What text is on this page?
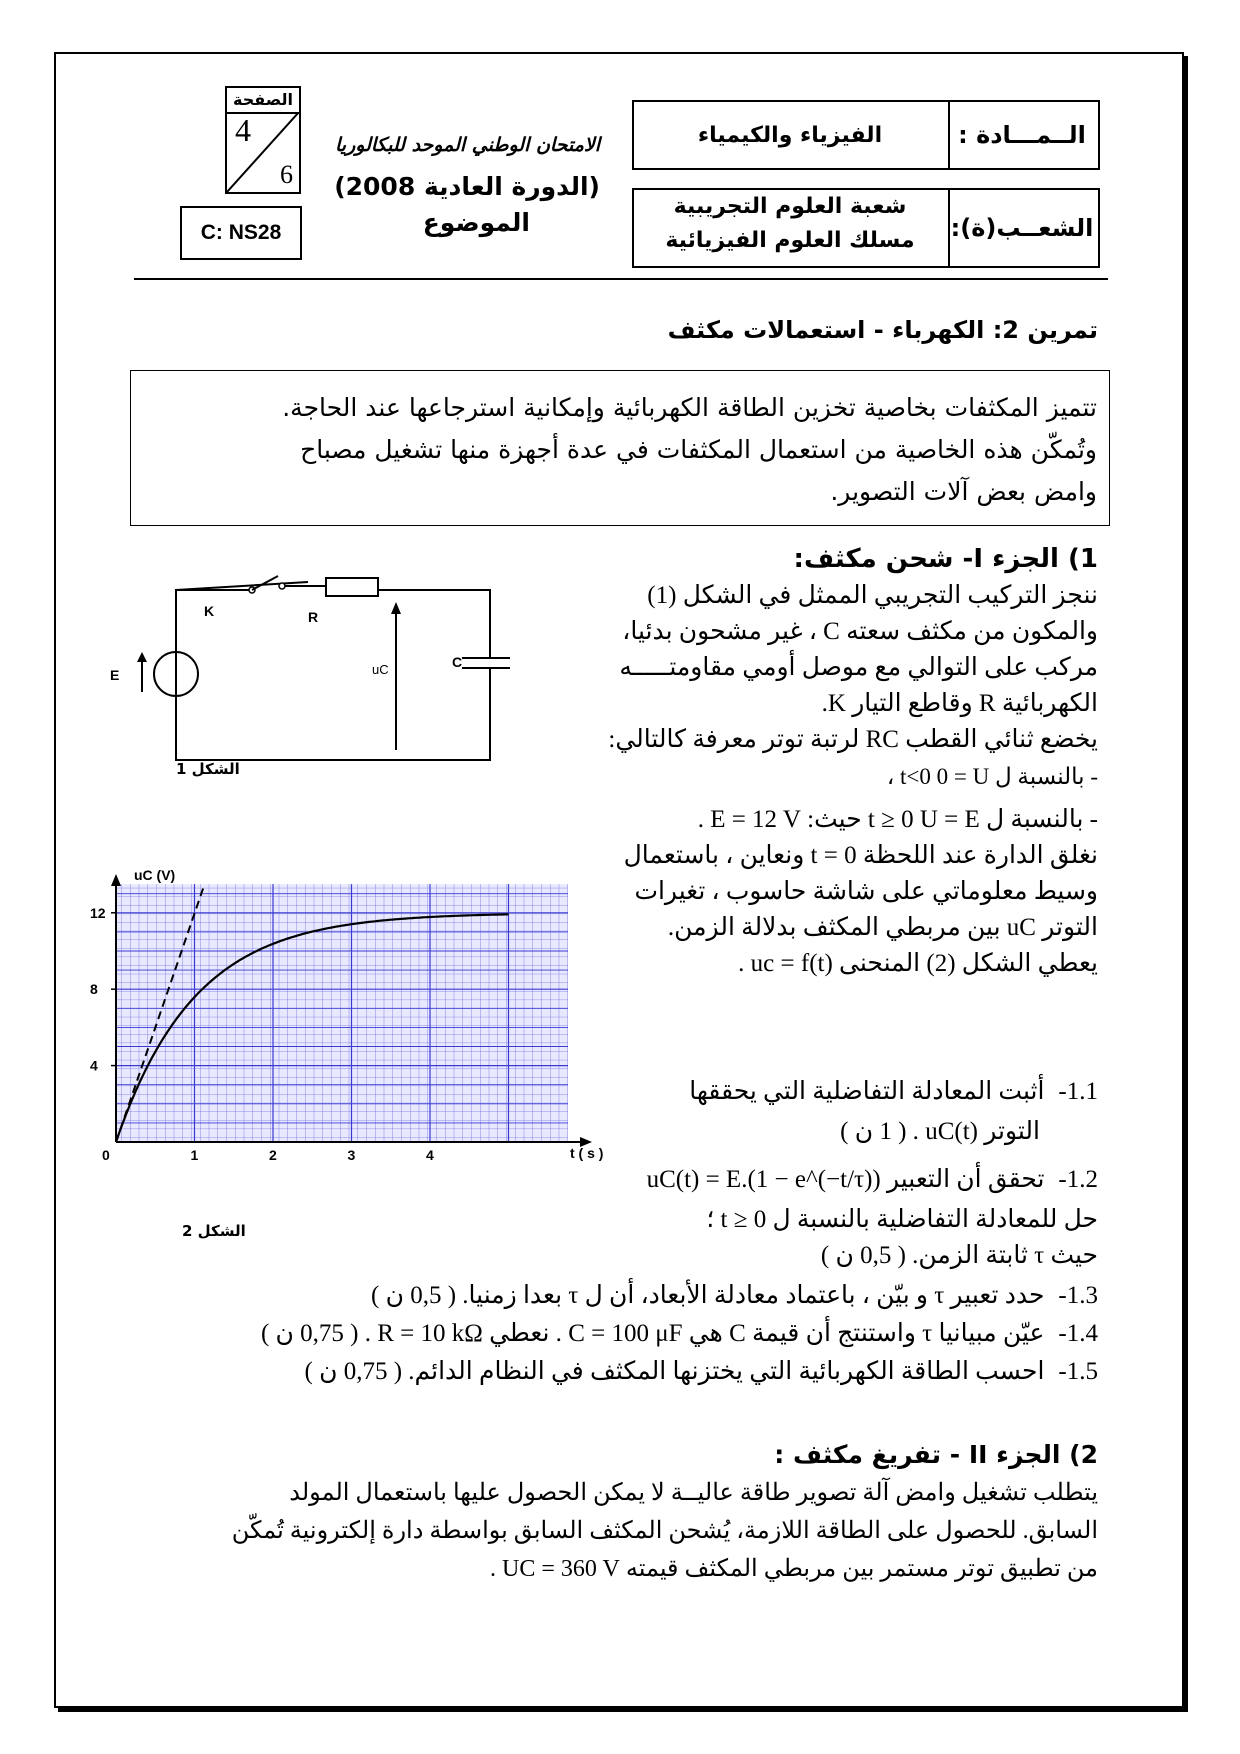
الصفحة
4
6
C: NS28
الامتحان الوطني الموحد للبكالوريا
(الدورة العادية 2008)
الموضوع
الــمـــادة :
الفيزياء والكيمياء
الشعــب(ة):
شعبة العلوم التجريبية
مسلك العلوم الفيزيائية
تمرين 2: الكهرباء - استعمالات مكثف

تتميز المكثفات بخاصية تخزين الطاقة الكهربائية وإمكانية استرجاعها عند الحاجة.

وتُمكّن هذه الخاصية من استعمال المكثفات في عدة أجهزة منها تشغيل مصباح

وامض بعض آلات التصوير.

1) الجزء I- شحن مكثف:
ننجز التركيب التجريبي الممثل في الشكل (1)
والمكون من مكثف سعته C ، غير مشحون بدئيا،
مركب على التوالي مع موصل أومي مقاومتـــــه
الكهربائية R وقاطع التيار K.
يخضع ثنائي القطب RC لرتبة توتر معرفة كالتالي:
- بالنسبة ل t<0 0 = U ،
- بالنسبة ل t ≥ 0 U = E حيث: E = 12 V .
نغلق الدارة عند اللحظة t = 0 ونعاين ، باستعمال
وسيط معلوماتي على شاشة حاسوب ، تغيرات
التوتر uC بين مربطي المكثف بدلالة الزمن.
يعطي الشكل (2) المنحنى uc = f(t) .
K	R
E
C
uC
الشكل 1
0	1	2	3	4
4
8
12
uC (V)
t ( s )
الشكل 2
1.1-أثبت المعادلة التفاضلية التي يحققها
التوتر uC(t) . ( 1 ن )
1.2-تحقق أن التعبير uC(t) = E.(1 − e^(−t/τ))
حل للمعادلة التفاضلية بالنسبة ل t ≥ 0 ؛
حيث τ ثابتة الزمن. ( 0,5 ن )
1.3-حدد تعبير τ و بيّن ، باعتماد معادلة الأبعاد، أن ل τ بعدا زمنيا. ( 0,5 ن )
1.4-عيّن مبيانيا τ واستنتج أن قيمة C هي C = 100 μF . نعطي R = 10 kΩ . ( 0,75 ن )
1.5-احسب الطاقة الكهربائية التي يختزنها المكثف في النظام الدائم. ( 0,75 ن )
2) الجزء II - تفريغ مكثف :
يتطلب تشغيل وامض آلة تصوير طاقة عاليــة لا يمكن الحصول عليها باستعمال المولد
السابق. للحصول على الطاقة اللازمة، يُشحن المكثف السابق بواسطة دارة إلكترونية تُمكّن
من تطبيق توتر مستمر بين مربطي المكثف قيمته UC = 360 V .
